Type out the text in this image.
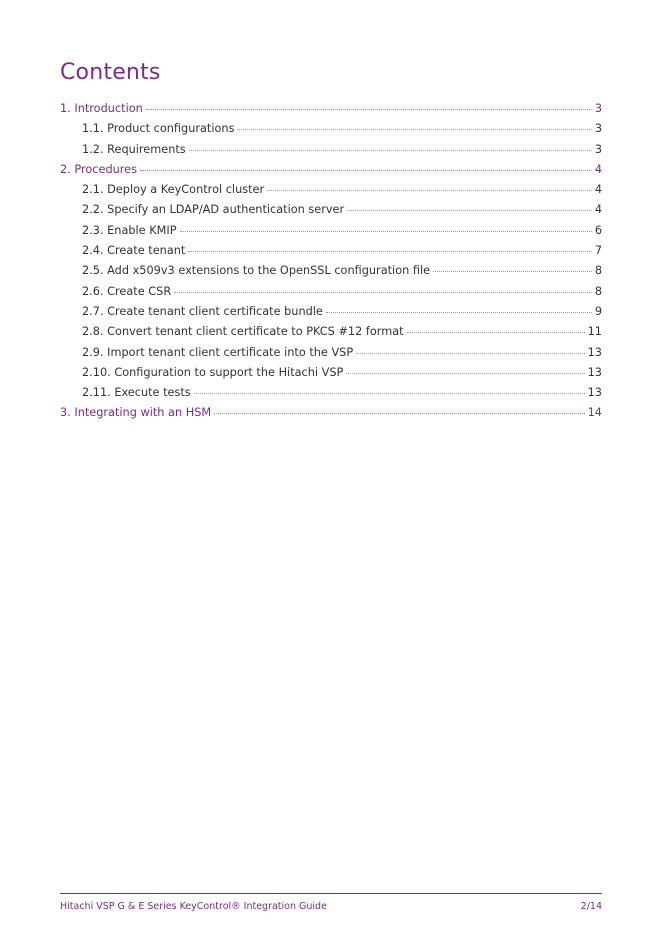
Contents
1. Introduction	3
1.1. Product configurations	3
1.2. Requirements	3
2. Procedures	4
2.1. Deploy a KeyControl cluster	4
2.2. Specify an LDAP/AD authentication server	4
2.3. Enable KMIP	6
2.4. Create tenant	7
2.5. Add x509v3 extensions to the OpenSSL configuration file	8
2.6. Create CSR	8
2.7. Create tenant client certificate bundle	9
2.8. Convert tenant client certificate to PKCS #12 format	11
2.9. Import tenant client certificate into the VSP	13
2.10. Configuration to support the Hitachi VSP	13
2.11. Execute tests	13
3. Integrating with an HSM	14
Hitachi VSP G & E Series KeyControl® Integration Guide	2/14
